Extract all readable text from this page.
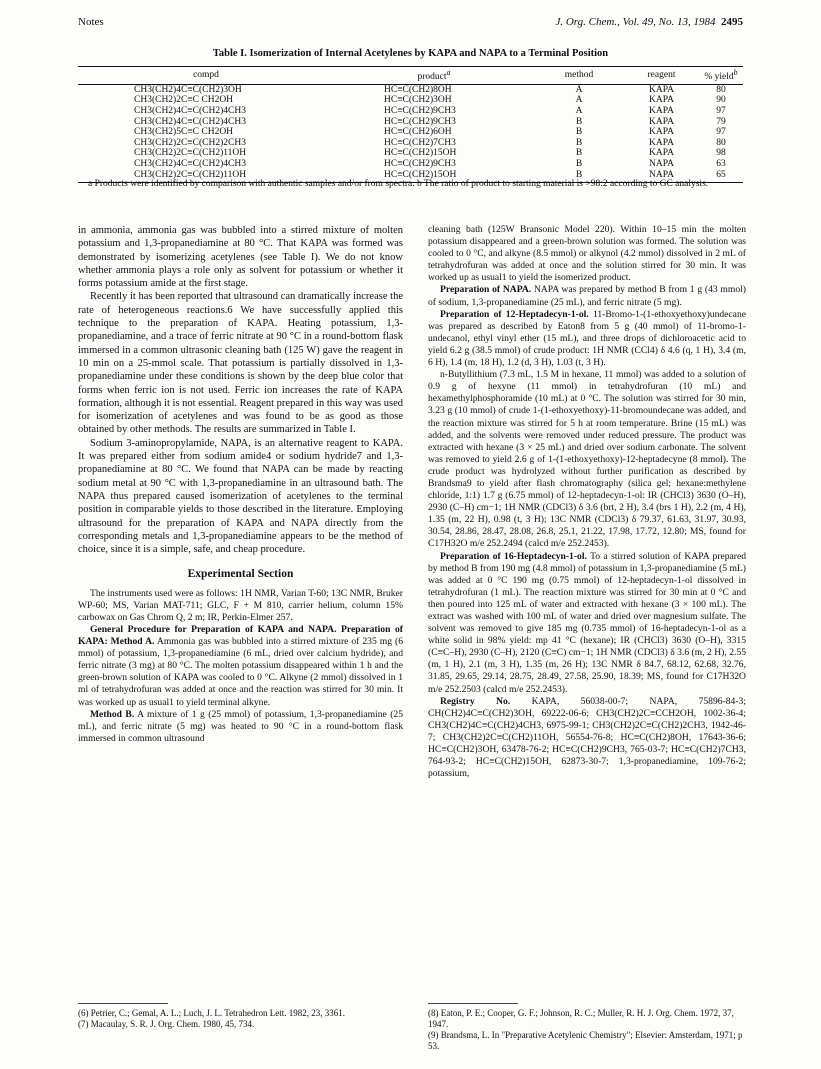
Notes	J. Org. Chem., Vol. 49, No. 13, 1984 2495
Table I. Isomerization of Internal Acetylenes by KAPA and NAPA to a Terminal Position
compd	product$^a$	method	reagent	% yield$^b$
CH3(CH2)4C≡C(CH2)3OH	HC≡C(CH2)8OH	A	KAPA	80
CH3(CH2)2C≡C CH2OH	HC≡C(CH2)3OH	A	KAPA	90
CH3(CH2)4C≡C(CH2)4CH3	HC≡C(CH2)9CH3	A	KAPA	97
CH3(CH2)4C≡C(CH2)4CH3	HC≡C(CH2)9CH3	B	KAPA	79
CH3(CH2)5C≡C CH2OH	HC≡C(CH2)6OH	B	KAPA	97
CH3(CH2)2C≡C(CH2)2CH3	HC≡C(CH2)7CH3	B	KAPA	80
CH3(CH2)2C≡C(CH2)11OH	HC≡C(CH2)15OH	B	KAPA	98
CH3(CH2)4C≡C(CH2)4CH3	HC≡C(CH2)9CH3	B	NAPA	63
CH3(CH2)2C≡C(CH2)11OH	HC≡C(CH2)15OH	B	NAPA	65
a Products were identified by comparison with authentic samples and/or from spectra. b The ratio of product to starting material is >98:2 according to GC analysis.

in ammonia, ammonia gas was bubbled into a stirred mixture of molten potassium and 1,3-propanediamine at 80 °C. That KAPA was formed was demonstrated by isomerizing acetylenes (see Table I). We do not know whether ammonia plays a role only as solvent for potassium or whether it forms potassium amide at the first stage.

Recently it has been reported that ultrasound can dramatically increase the rate of heterogeneous reactions.6 We have successfully applied this technique to the preparation of KAPA. Heating potassium, 1,3-propanediamine, and a trace of ferric nitrate at 90 °C in a round-bottom flask immersed in a common ultrasonic cleaning bath (125 W) gave the reagent in 10 min on a 25-mmol scale. That potassium is partially dissolved in 1,3-propanediamine under these conditions is shown by the deep blue color that forms when ferric ion is not used. Ferric ion increases the rate of KAPA formation, although it is not essential. Reagent prepared in this way was used for isomerization of acetylenes and was found to be as good as those obtained by other methods. The results are summarized in Table I.

Sodium 3-aminopropylamide, NAPA, is an alternative reagent to KAPA. It was prepared either from sodium amide4 or sodium hydride7 and 1,3-propanediamine at 80 °C. We found that NAPA can be made by reacting sodium metal at 90 °C with 1,3-propanediamine in an ultrasound bath. The NAPA thus prepared caused isomerization of acetylenes to the terminal position in comparable yields to those described in the literature. Employing ultrasound for the preparation of KAPA and NAPA directly from the corresponding metals and 1,3-propanediamine appears to be the method of choice, since it is a simple, safe, and cheap procedure.

Experimental Section

The instruments used were as follows: 1H NMR, Varian T-60; 13C NMR, Bruker WP-60; MS, Varian MAT-711; GLC, F + M 810, carrier helium, column 15% carbowax on Gas Chrom Q, 2 m; IR, Perkin-Elmer 257.

General Procedure for Preparation of KAPA and NAPA. Preparation of KAPA: Method A. Ammonia gas was bubbled into a stirred mixture of 235 mg (6 mmol) of potassium, 1,3-propanediamine (6 mL, dried over calcium hydride), and ferric nitrate (3 mg) at 80 °C. The molten potassium disappeared within 1 h and the green-brown solution of KAPA was cooled to 0 °C. Alkyne (2 mmol) dissolved in 1 ml of tetrahydrofuran was added at once and the reaction was stirred for 30 min. It was worked up as usual1 to yield terminal alkyne.

Method B. A mixture of 1 g (25 mmol) of potassium, 1,3-propanediamine (25 mL), and ferric nitrate (5 mg) was heated to 90 °C in a round-bottom flask immersed in common ultrasound

cleaning bath (125W Bransonic Model 220). Within 10–15 min the molten potassium disappeared and a green-brown solution was formed. The solution was cooled to 0 °C, and alkyne (8.5 mmol) or alkynol (4.2 mmol) dissolved in 2 mL of tetrahydrofuran was added at once and the solution stirred for 30 min. It was worked up as usual1 to yield the isomerized product.

Preparation of NAPA. NAPA was prepared by method B from 1 g (43 mmol) of sodium, 1,3-propanediamine (25 mL), and ferric nitrate (5 mg).

Preparation of 12-Heptadecyn-1-ol. 11-Bromo-1-(1-ethoxyethoxy)undecane was prepared as described by Eaton8 from 5 g (40 mmol) of 11-bromo-1-undecanol, ethyl vinyl ether (15 mL), and three drops of dichloroacetic acid to yield 6.2 g (38.5 mmol) of crude product: 1H NMR (CCl4) δ 4.6 (q, 1 H), 3.4 (m, 6 H), 1.4 (m, 18 H), 1.2 (d, 3 H), 1.03 (t, 3 H).

n-Butyllithium (7.3 mL, 1.5 M in hexane, 11 mmol) was added to a solution of 0.9 g of hexyne (11 mmol) in tetrahydrofuran (10 mL) and hexamethylphosphoramide (10 mL) at 0 °C. The solution was stirred for 30 min, 3.23 g (10 mmol) of crude 1-(1-ethoxyethoxy)-11-bromoundecane was added, and the reaction mixture was stirred for 5 h at room temperature. Brine (15 mL) was added, and the solvents were removed under reduced pressure. The product was extracted with hexane (3 × 25 mL) and dried over sodium carbonate. The solvent was removed to yield 2.6 g of 1-(1-ethoxyethoxy)-12-heptadecyne (8 mmol). The crude product was hydrolyzed without further purification as described by Brandsma9 to yield after flash chromatography (silica gel; hexane:methylene chloride, 1:1) 1.7 g (6.75 mmol) of 12-heptadecyn-1-ol: IR (CHCl3) 3630 (O–H), 2930 (C–H) cm−1; 1H NMR (CDCl3) δ 3.6 (brt, 2 H), 3.4 (brs 1 H), 2.2 (m, 4 H), 1.35 (m, 22 H), 0.98 (t, 3 H); 13C NMR (CDCl3) δ 79.37, 61.63, 31.97, 30.93, 30.54, 28.86, 28.47, 28.08, 26.8, 25.1, 21.22, 17.98, 17.72, 12.80; MS, found for C17H32O m/e 252.2494 (calcd m/e 252.2453).

Preparation of 16-Heptadecyn-1-ol. To a stirred solution of KAPA prepared by method B from 190 mg (4.8 mmol) of potassium in 1,3-propanediamine (5 mL) was added at 0 °C 190 mg (0.75 mmol) of 12-heptadecyn-1-ol dissolved in tetrahydrofuran (1 mL). The reaction mixture was stirred for 30 min at 0 °C and then poured into 125 mL of water and extracted with hexane (3 × 100 mL). The extract was washed with 100 mL of water and dried over magnesium sulfate. The solvent was removed to give 185 mg (0.735 mmol) of 16-heptadecyn-1-ol as a white solid in 98% yield: mp 41 °C (hexane); IR (CHCl3) 3630 (O–H), 3315 (C≡C–H), 2930 (C–H), 2120 (C≡C) cm−1; 1H NMR (CDCl3) δ 3.6 (m, 2 H), 2.55 (m, 1 H), 2.1 (m, 3 H), 1.35 (m, 26 H); 13C NMR δ 84.7, 68.12, 62.68, 32.76, 31.85, 29.65, 29.14, 28.75, 28.49, 27.58, 25.90, 18.39; MS, found for C17H32O m/e 252.2503 (calcd m/e 252.2453).

Registry No. KAPA, 56038-00-7; NAPA, 75896-84-3; CH(CH2)4C≡C(CH2)3OH, 69222-06-6; CH3(CH2)2C≡CCH2OH, 1002-36-4; CH3(CH2)4C≡C(CH2)4CH3, 6975-99-1; CH3(CH2)2C≡C(CH2)2CH3, 1942-46-7; CH3(CH2)2C≡C(CH2)11OH, 56554-76-8; HC≡C(CH2)8OH, 17643-36-6; HC≡C(CH2)3OH, 63478-76-2; HC≡C(CH2)9CH3, 765-03-7; HC≡C(CH2)7CH3, 764-93-2; HC≡C(CH2)15OH, 62873-30-7; 1,3-propanediamine, 109-76-2; potassium,

(6) Petrier, C.; Gemal, A. L.; Luch, J. L. Tetrahedron Lett. 1982, 23, 3361.
(7) Macaulay, S. R. J. Org. Chem. 1980, 45, 734.
(8) Eaton, P. E.; Cooper, G. F.; Johnson, R. C.; Muller, R. H. J. Org. Chem. 1972, 37, 1947.
(9) Brandsma, L. In "Preparative Acetylenic Chemistry"; Elsevier: Amsterdam, 1971; p 53.
